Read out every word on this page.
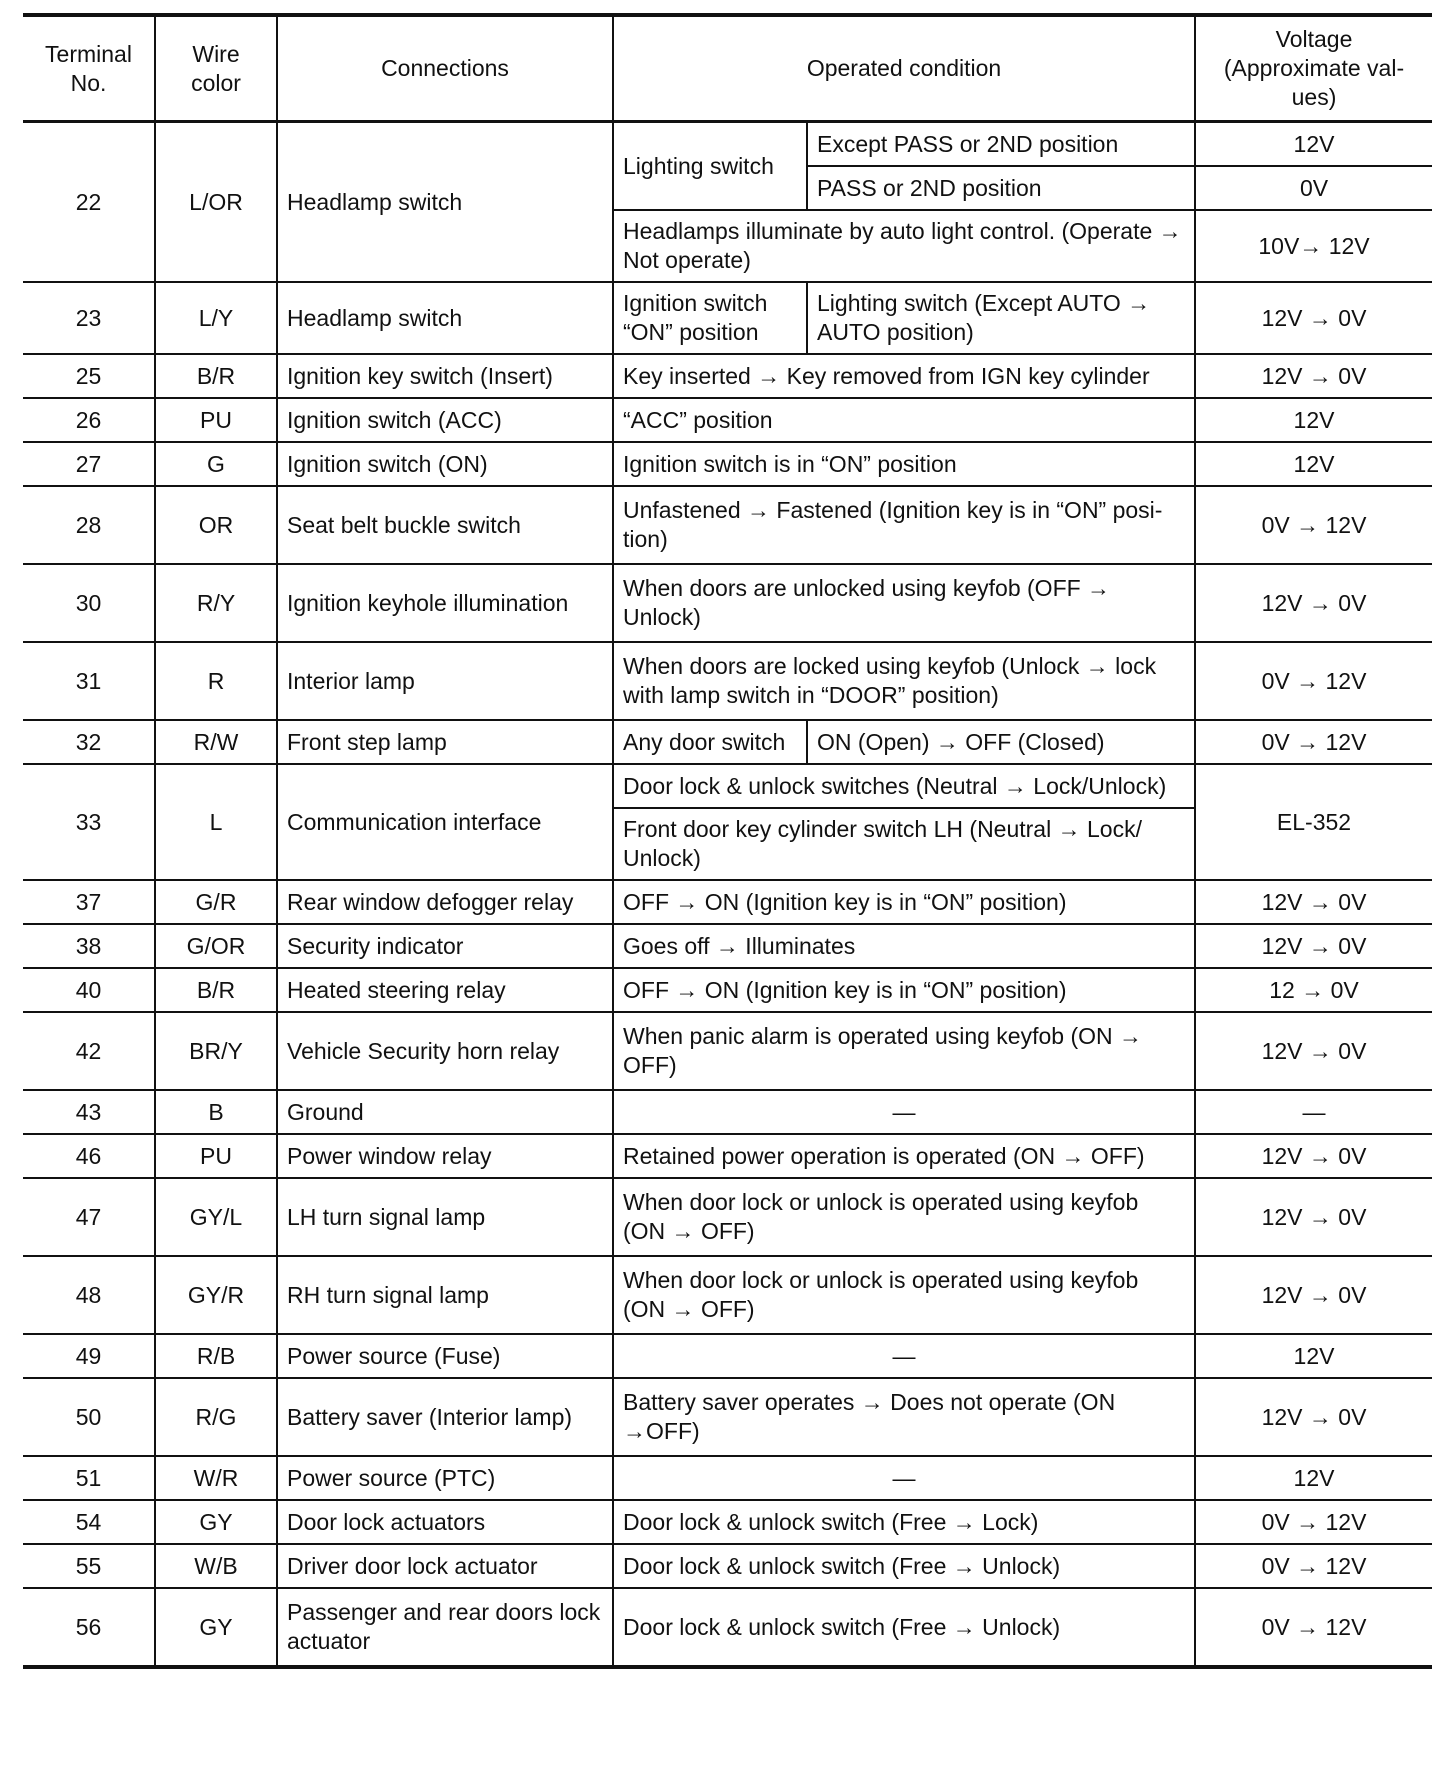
Terminal No.	Wire color	Connections	Operated condition		Voltage (Approximate val-ues)
22	L/OR	Headlamp switch	Lighting switch	Except PASS or 2ND position	12V
				PASS or 2ND position	0V
			Headlamps illuminate by auto light control. (Operate → Not operate)		10V→ 12V
23	L/Y	Headlamp switch	Ignition switch “ON” position	Lighting switch (Except AUTO → AUTO position)	12V → 0V
25	B/R	Ignition key switch (Insert)	Key inserted → Key removed from IGN key cylinder		12V → 0V
26	PU	Ignition switch (ACC)	“ACC” position		12V
27	G	Ignition switch (ON)	Ignition switch is in “ON” position		12V
28	OR	Seat belt buckle switch	Unfastened → Fastened (Ignition key is in “ON” posi-tion)		0V → 12V
30	R/Y	Ignition keyhole illumination	When doors are unlocked using keyfob (OFF → Unlock)		12V → 0V
31	R	Interior lamp	When doors are locked using keyfob (Unlock → lock with lamp switch in “DOOR” position)		0V → 12V
32	R/W	Front step lamp	Any door switch	ON (Open) → OFF (Closed)	0V → 12V
33	L	Communication interface	Door lock & unlock switches (Neutral → Lock/Unlock)		EL-352
			Front door key cylinder switch LH (Neutral → Lock/ Unlock)		
37	G/R	Rear window defogger relay	OFF → ON (Ignition key is in “ON” position)		12V → 0V
38	G/OR	Security indicator	Goes off → Illuminates		12V → 0V
40	B/R	Heated steering relay	OFF → ON (Ignition key is in “ON” position)		12 → 0V
42	BR/Y	Vehicle Security horn relay	When panic alarm is operated using keyfob (ON → OFF)		12V → 0V
43	B	Ground	—		—
46	PU	Power window relay	Retained power operation is operated (ON → OFF)		12V → 0V
47	GY/L	LH turn signal lamp	When door lock or unlock is operated using keyfob (ON → OFF)		12V → 0V
48	GY/R	RH turn signal lamp	When door lock or unlock is operated using keyfob (ON → OFF)		12V → 0V
49	R/B	Power source (Fuse)	—		12V
50	R/G	Battery saver (Interior lamp)	Battery saver operates → Does not operate (ON →OFF)		12V → 0V
51	W/R	Power source (PTC)	—		12V
54	GY	Door lock actuators	Door lock & unlock switch (Free → Lock)		0V → 12V
55	W/B	Driver door lock actuator	Door lock & unlock switch (Free → Unlock)		0V → 12V
56	GY	Passenger and rear doors lock actuator	Door lock & unlock switch (Free → Unlock)		0V → 12V
